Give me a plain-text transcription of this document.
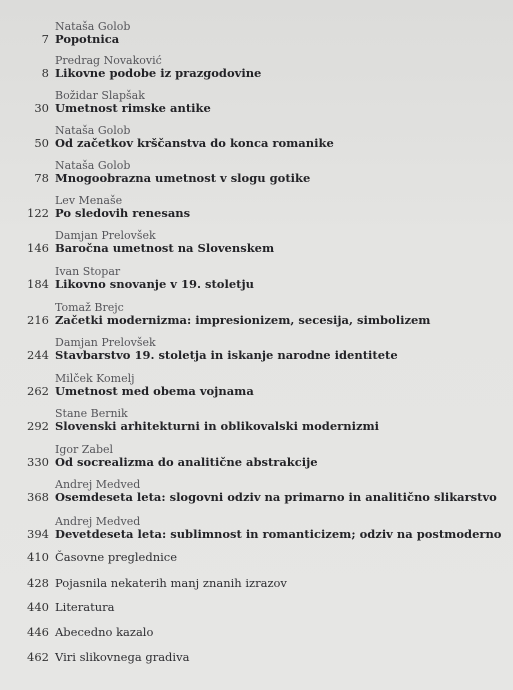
Nataša Golob
7 Popotnica
Predrag Novaković
8 Likovne podobe iz prazgodovine
Božidar Slapšak
30 Umetnost rimske antike
Nataša Golob
50 Od začetkov krščanstva do konca romanike
Nataša Golob
78 Mnogoobrazna umetnost v slogu gotike
Lev Menaše
122 Po sledovih renesans
Damjan Prelovšek
146 Baročna umetnost na Slovenskem
Ivan Stopar
184 Likovno snovanje v 19. stoletju
Tomaž Brejc
216 Začetki modernizma: impresionizem, secesija, simbolizem
Damjan Prelovšek
244 Stavbarstvo 19. stoletja in iskanje narodne identitete
Milček Komelj
262 Umetnost med obema vojnama
Stane Bernik
292 Slovenski arhitekturni in oblikovalski modernizmi
Igor Zabel
330 Od socrealizma do analitične abstrakcije
Andrej Medved
368 Osemdeseta leta: slogovni odziv na primarno in analitično slikarstvo
Andrej Medved
394 Devetdeseta leta: sublimnost in romanticizem; odziv na postmoderno
410 Časovne preglednice
428 Pojasnila nekaterih manj znanih izrazov
440 Literatura
446 Abecedno kazalo
462 Viri slikovnega gradiva
